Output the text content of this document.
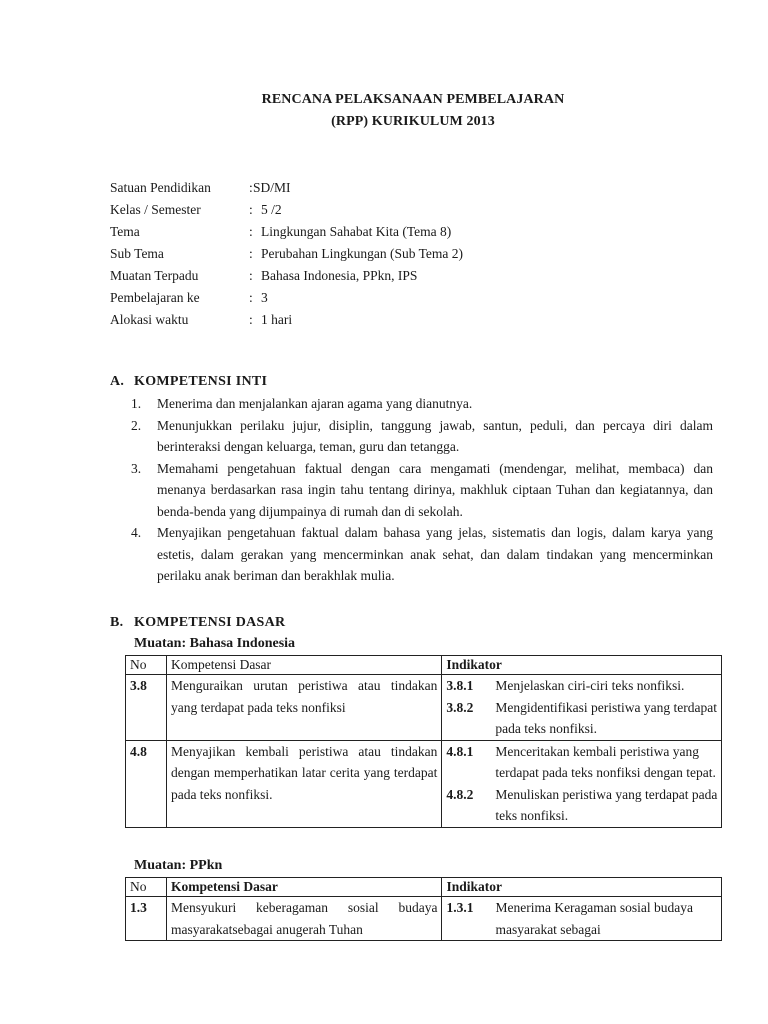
RENCANA PELAKSANAAN PEMBELAJARAN
(RPP) KURIKULUM 2013
Satuan Pendidikan	: SD/MI
Kelas / Semester	: 5 /2
Tema	: Lingkungan Sahabat Kita (Tema 8)
Sub Tema	: Perubahan Lingkungan (Sub Tema 2)
Muatan Terpadu	: Bahasa Indonesia, PPkn, IPS
Pembelajaran ke	: 3
Alokasi waktu	: 1 hari
A. KOMPETENSI INTI
1.	Menerima dan menjalankan ajaran agama yang dianutnya.
2.	Menunjukkan perilaku jujur, disiplin, tanggung jawab, santun, peduli, dan percaya diri dalam berinteraksi dengan keluarga, teman, guru dan tetangga.
3.	Memahami pengetahuan faktual dengan cara mengamati (mendengar, melihat, membaca) dan menanya berdasarkan rasa ingin tahu tentang dirinya, makhluk ciptaan Tuhan dan kegiatannya, dan benda-benda yang dijumpainya di rumah dan di sekolah.
4.	Menyajikan pengetahuan faktual dalam bahasa yang jelas, sistematis dan logis, dalam karya yang estetis, dalam gerakan yang mencerminkan anak sehat, dan dalam tindakan yang mencerminkan perilaku anak beriman dan berakhlak mulia.
B. KOMPETENSI DASAR
Muatan: Bahasa Indonesia
No	Kompetensi Dasar	Indikator
3.8	Menguraikan urutan peristiwa atau tindakan yang terdapat pada teks nonfiksi	3.8.1 Menjelaskan ciri-ciri teks nonfiksi.
3.8.2 Mengidentifikasi peristiwa yang terdapat pada teks nonfiksi.

4.8	Menyajikan kembali peristiwa atau tindakan dengan memperhatikan latar cerita yang terdapat pada teks nonfiksi.	4.8.1 Menceritakan kembali peristiwa yang terdapat pada teks nonfiksi dengan tepat.
4.8.2 Menuliskan peristiwa yang terdapat pada teks nonfiksi.
Muatan: PPkn
No	Kompetensi Dasar	Indikator
1.3	Mensyukuri keberagaman sosial budaya masyarakatsebagai anugerah Tuhan	1.3.1 Menerima Keragaman sosial budaya masyarakat sebagai
